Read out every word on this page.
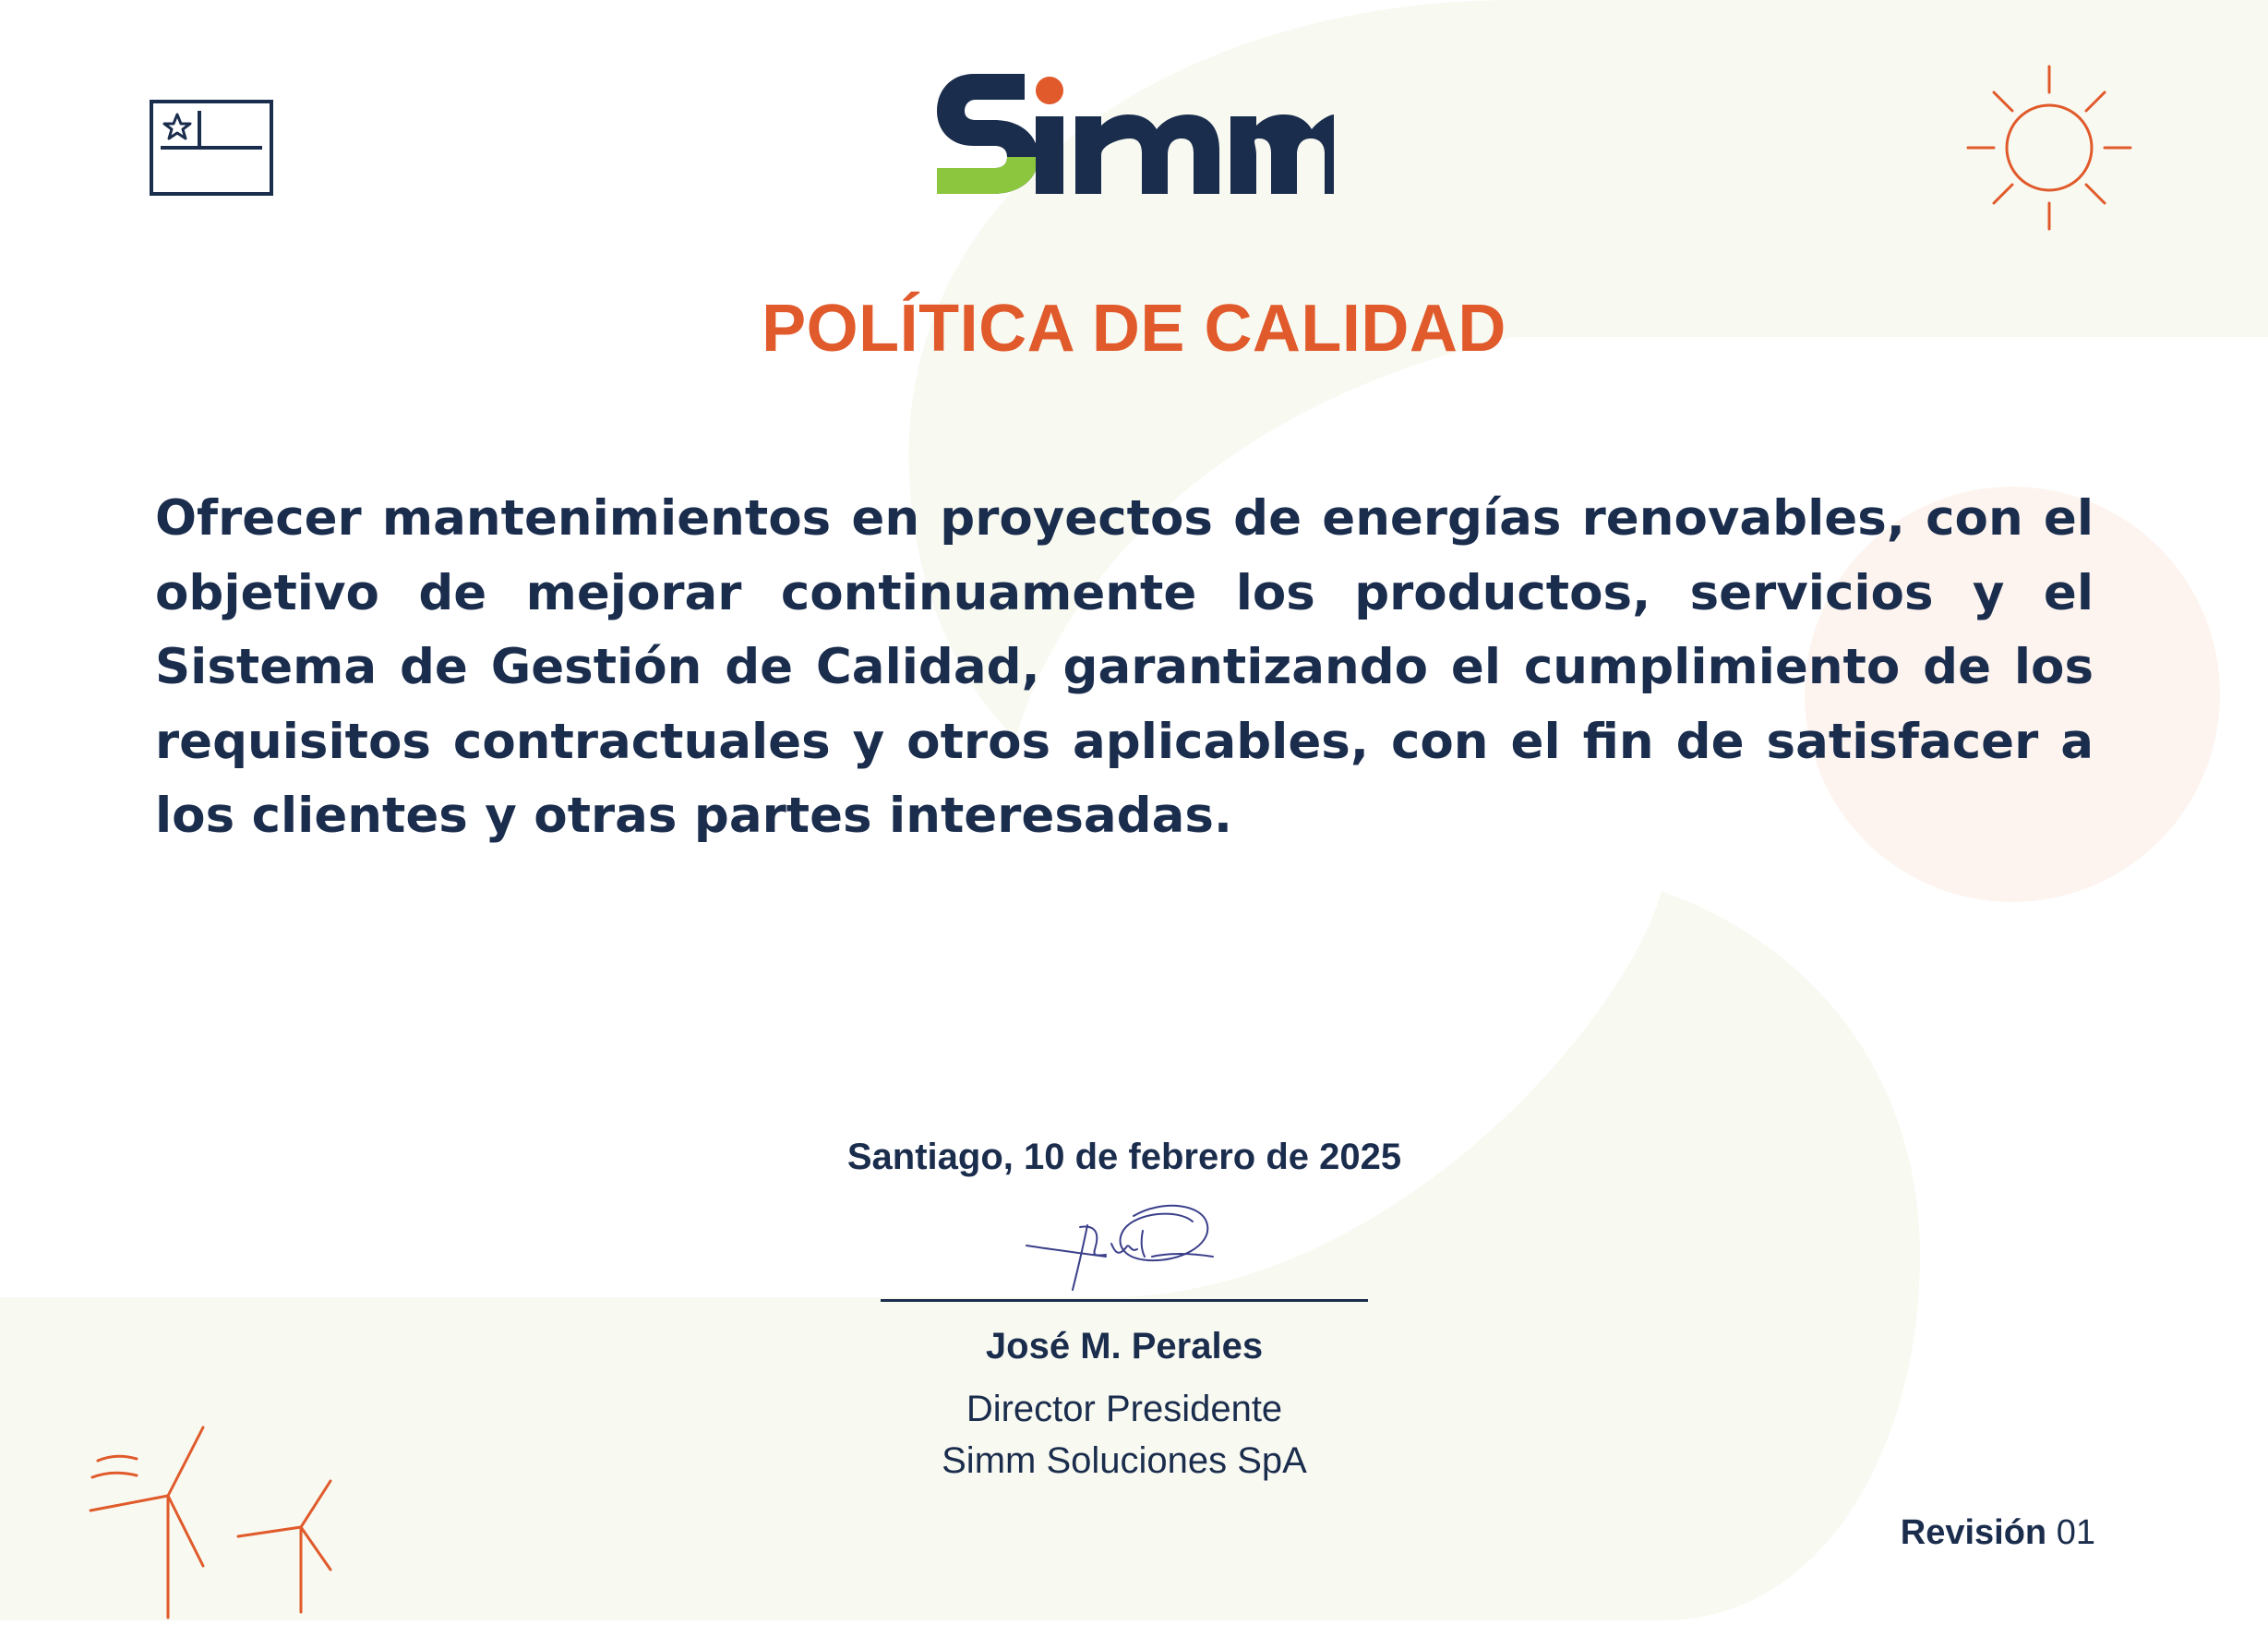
POLÍTICA DE CALIDAD

Ofrecer mantenimientos en proyectos de energías renovables, con el objetivo de mejorar continuamente los productos, servicios y el Sistema de Gestión de Calidad, garantizando el cumplimiento de los requisitos contractuales y otros aplicables, con el fin de satisfacer a los clientes y otras partes interesadas.

Santiago, 10 de febrero de 2025

José M. Perales

Director Presidente

Simm Soluciones SpA

Revisión 01
